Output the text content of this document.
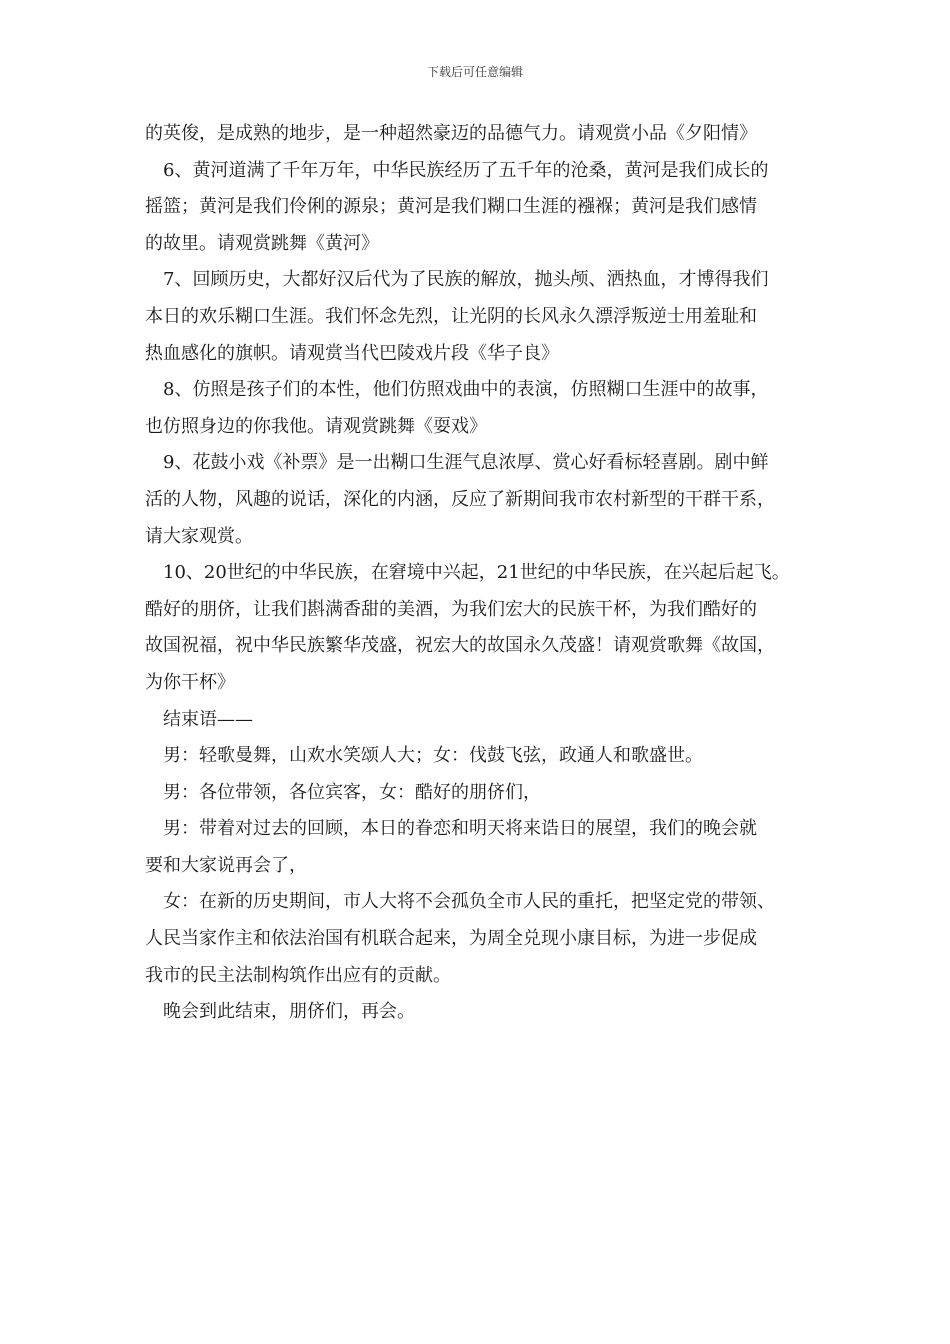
下载后可任意编辑
的英俊，是成熟的地步，是一种超然豪迈的品德气力。请观赏小品《夕阳情》
6、黄河道满了千年万年，中华民族经历了五千年的沧桑，黄河是我们成长的
摇篮；黄河是我们伶俐的源泉；黄河是我们糊口生涯的襁褓；黄河是我们感情
的故里。请观赏跳舞《黄河》
7、回顾历史，大都好汉后代为了民族的解放，抛头颅、洒热血，才博得我们
本日的欢乐糊口生涯。我们怀念先烈，让光阴的长风永久漂浮叛逆士用羞耻和
热血感化的旗帜。请观赏当代巴陵戏片段《华子良》
8、仿照是孩子们的本性，他们仿照戏曲中的表演，仿照糊口生涯中的故事，
也仿照身边的你我他。请观赏跳舞《耍戏》
9、花鼓小戏《补票》是一出糊口生涯气息浓厚、赏心好看标轻喜剧。剧中鲜
活的人物，风趣的说话，深化的内涵，反应了新期间我市农村新型的干群干系，
请大家观赏。
10、20世纪的中华民族，在窘境中兴起，21世纪的中华民族，在兴起后起飞。
酷好的朋侪，让我们斟满香甜的美酒，为我们宏大的民族干杯，为我们酷好的
故国祝福，祝中华民族繁华茂盛，祝宏大的故国永久茂盛！请观赏歌舞《故国，
为你干杯》
结束语——
男：轻歌曼舞，山欢水笑颂人大；女：伐鼓飞弦，政通人和歌盛世。
男：各位带领，各位宾客，女：酷好的朋侪们，
男：带着对过去的回顾，本日的眷恋和明天将来诰日的展望，我们的晚会就
要和大家说再会了，
女：在新的历史期间，市人大将不会孤负全市人民的重托，把坚定党的带领、
人民当家作主和依法治国有机联合起来，为周全兑现小康目标，为进一步促成
我市的民主法制构筑作出应有的贡献。
晚会到此结束，朋侪们，再会。
